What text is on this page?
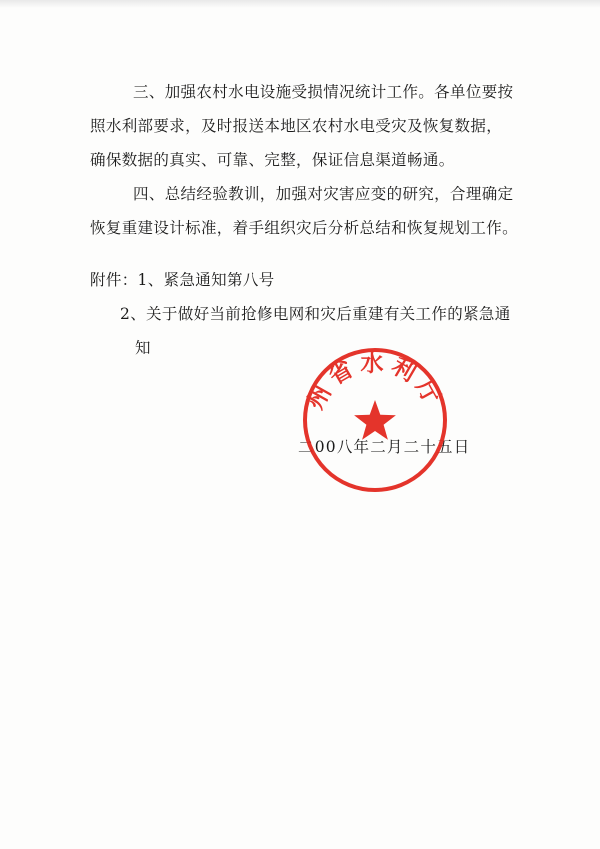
三、加强农村水电设施受损情况统计工作。各单位要按
照水利部要求，及时报送本地区农村水电受灾及恢复数据，
确保数据的真实、可靠、完整，保证信息渠道畅通。
四、总结经验教训，加强对灾害应变的研究，合理确定
恢复重建设计标准，着手组织灾后分析总结和恢复规划工作。
附件：1、紧急通知第八号
2、关于做好当前抢修电网和灾后重建有关工作的紧急通
知
二00八年二月二十五日
州省水利厅
